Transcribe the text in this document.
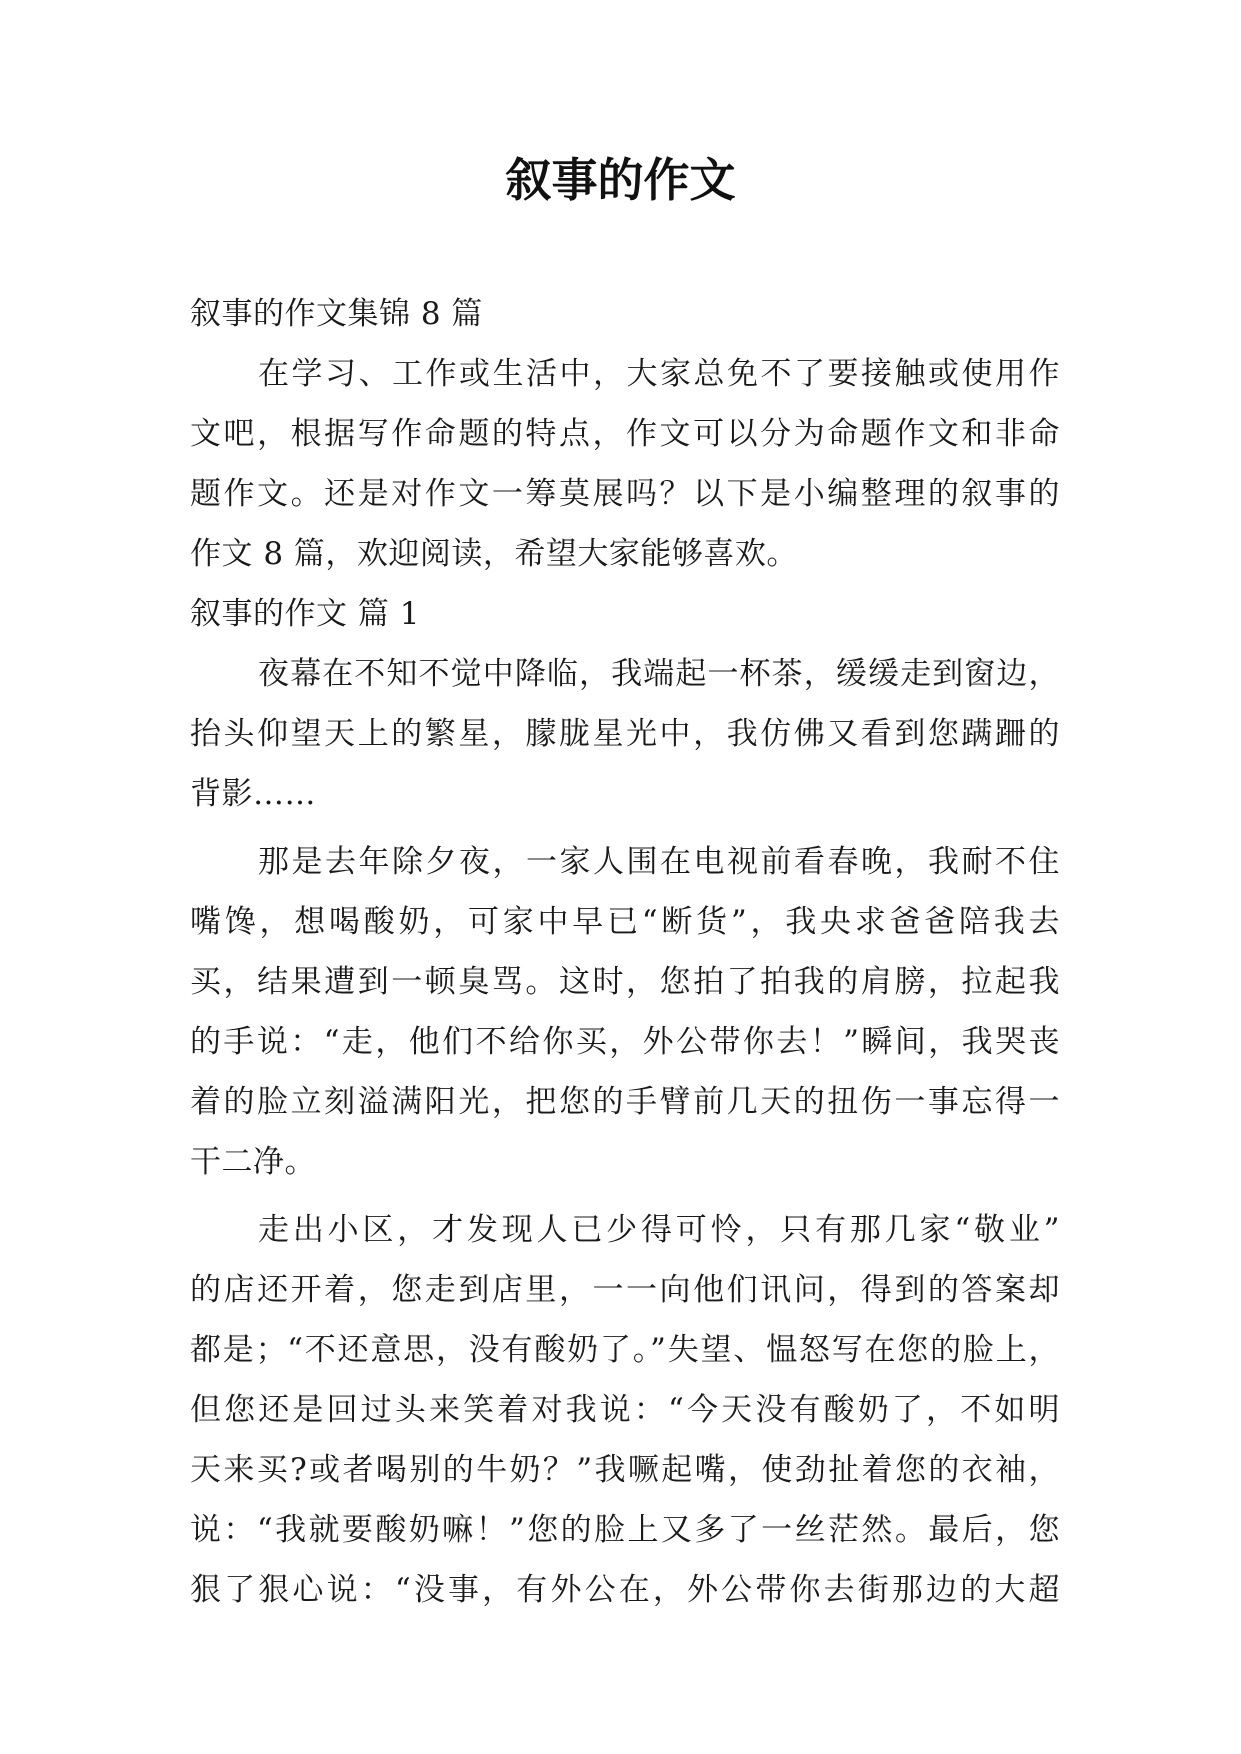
叙事的作文
叙事的作文集锦 8 篇
在学习、工作或生活中，大家总免不了要接触或使用作
文吧，根据写作命题的特点，作文可以分为命题作文和非命
题作文。还是对作文一筹莫展吗？以下是小编整理的叙事的
作文 8 篇，欢迎阅读，希望大家能够喜欢。
叙事的作文 篇 1
夜幕在不知不觉中降临，我端起一杯茶，缓缓走到窗边，
抬头仰望天上的繁星，朦胧星光中，我仿佛又看到您蹒跚的
背影……
那是去年除夕夜，一家人围在电视前看春晚，我耐不住
嘴馋，想喝酸奶，可家中早已“断货”，我央求爸爸陪我去
买，结果遭到一顿臭骂。这时，您拍了拍我的肩膀，拉起我
的手说：“走，他们不给你买，外公带你去！”瞬间，我哭丧
着的脸立刻溢满阳光，把您的手臂前几天的扭伤一事忘得一
干二净。
走出小区，才发现人已少得可怜，只有那几家“敬业”
的店还开着，您走到店里，一一向他们讯问，得到的答案却
都是；“不还意思，没有酸奶了。”失望、愠怒写在您的脸上，
但您还是回过头来笑着对我说：“今天没有酸奶了，不如明
天来买?或者喝别的牛奶？”我噘起嘴，使劲扯着您的衣袖，
说：“我就要酸奶嘛！”您的脸上又多了一丝茫然。最后，您
狠了狠心说：“没事，有外公在，外公带你去街那边的大超
